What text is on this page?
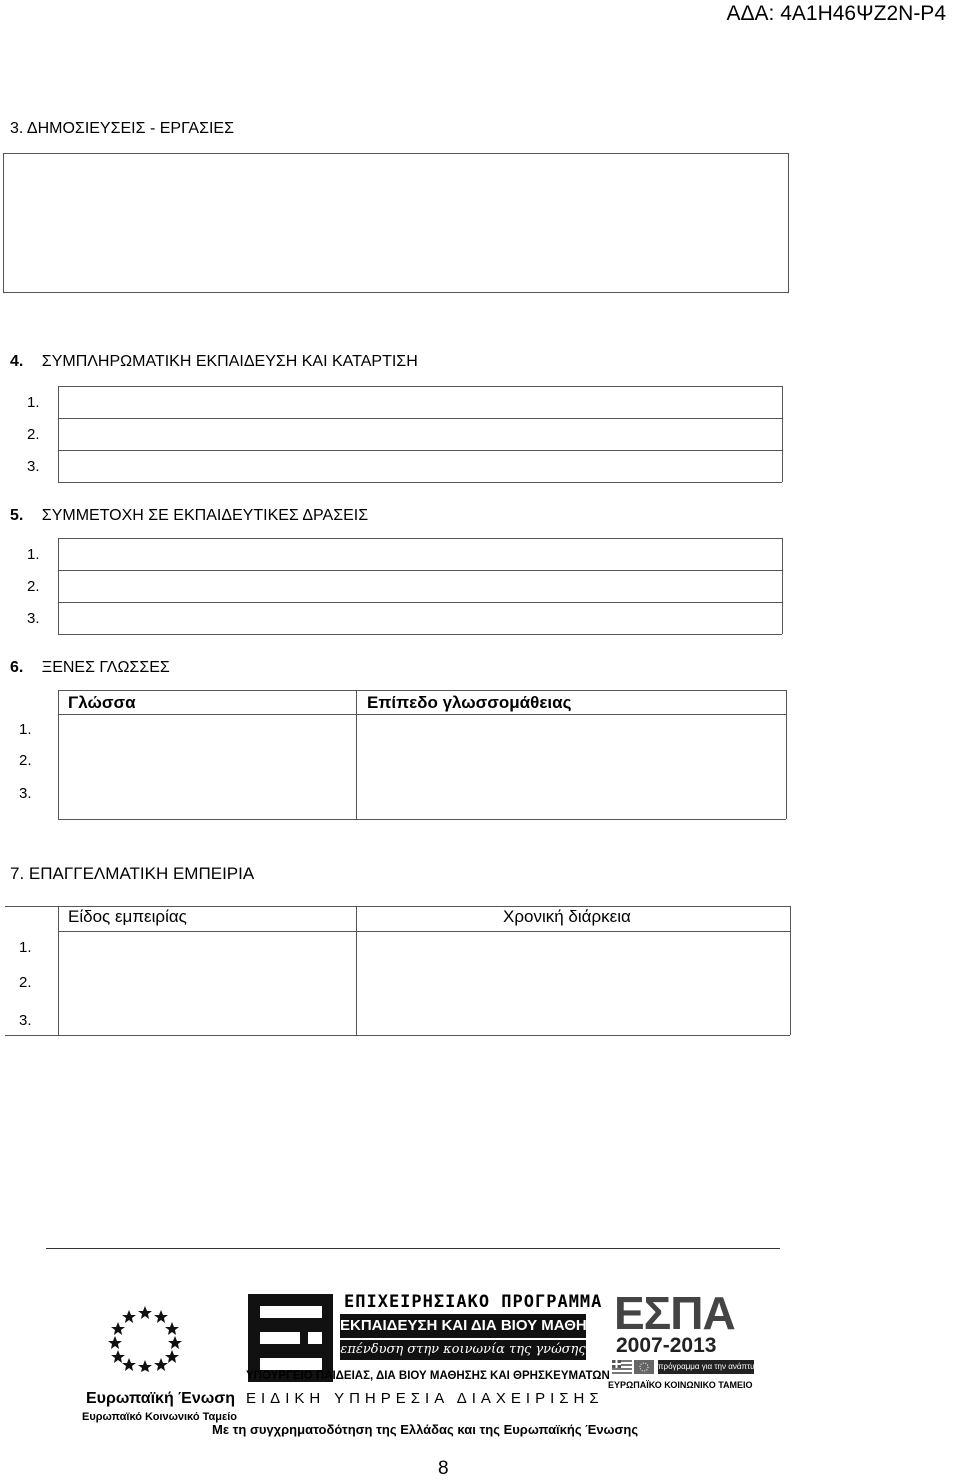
ΑΔΑ: 4Α1Η46ΨΖ2Ν-Ρ4
3. ΔΗΜΟΣΙΕΥΣΕΙΣ - ΕΡΓΑΣΙΕΣ
4. ΣΥΜΠΛΗΡΩΜΑΤΙΚΗ ΕΚΠΑΙΔΕΥΣΗ ΚΑΙ ΚΑΤΑΡΤΙΣΗ
1.
2.
3.
5. ΣΥΜΜΕΤΟΧΗ ΣΕ ΕΚΠΑΙΔΕΥΤΙΚΕΣ ΔΡΑΣΕΙΣ
1.
2.
3.
6. ΞΕΝΕΣ ΓΛΩΣΣΕΣ
Γλώσσα	Επίπεδο γλωσσομάθειας
1.
2.
3.
7. ΕΠΑΓΓΕΛΜΑΤΙΚΗ ΕΜΠΕΙΡΙΑ
Είδος εμπειρίας	Χρονική διάρκεια
1.
2.
3.
Ευρωπαϊκή Ένωση
Ευρωπαϊκό Κοινωνικό Ταμείο
ΕΠΙΧΕΙΡΗΣΙΑΚΟ ΠΡΟΓΡΑΜΜΑ
ΕΚΠΑΙΔΕΥΣΗ ΚΑΙ ΔΙΑ ΒΙΟΥ ΜΑΘΗΣΗ
επένδυση στην κοινωνία της γνώσης
ΥΠΟΥΡΓΕΙΟ ΠΑΙΔΕΙΑΣ, ΔΙΑ ΒΙΟΥ ΜΑΘΗΣΗΣ ΚΑΙ ΘΡΗΣΚΕΥΜΑΤΩΝ
ΕΙΔΙΚΗ ΥΠΗΡΕΣΙΑ ΔΙΑΧΕΙΡΙΣΗΣ
ΕΣΠΑ
2007-2013
πρόγραμμα για την ανάπτυξη
ΕΥΡΩΠΑΪΚΟ ΚΟΙΝΩΝΙΚΟ ΤΑΜΕΙΟ
Με τη συγχρηματοδότηση της Ελλάδας και της Ευρωπαϊκής Ένωσης
8
